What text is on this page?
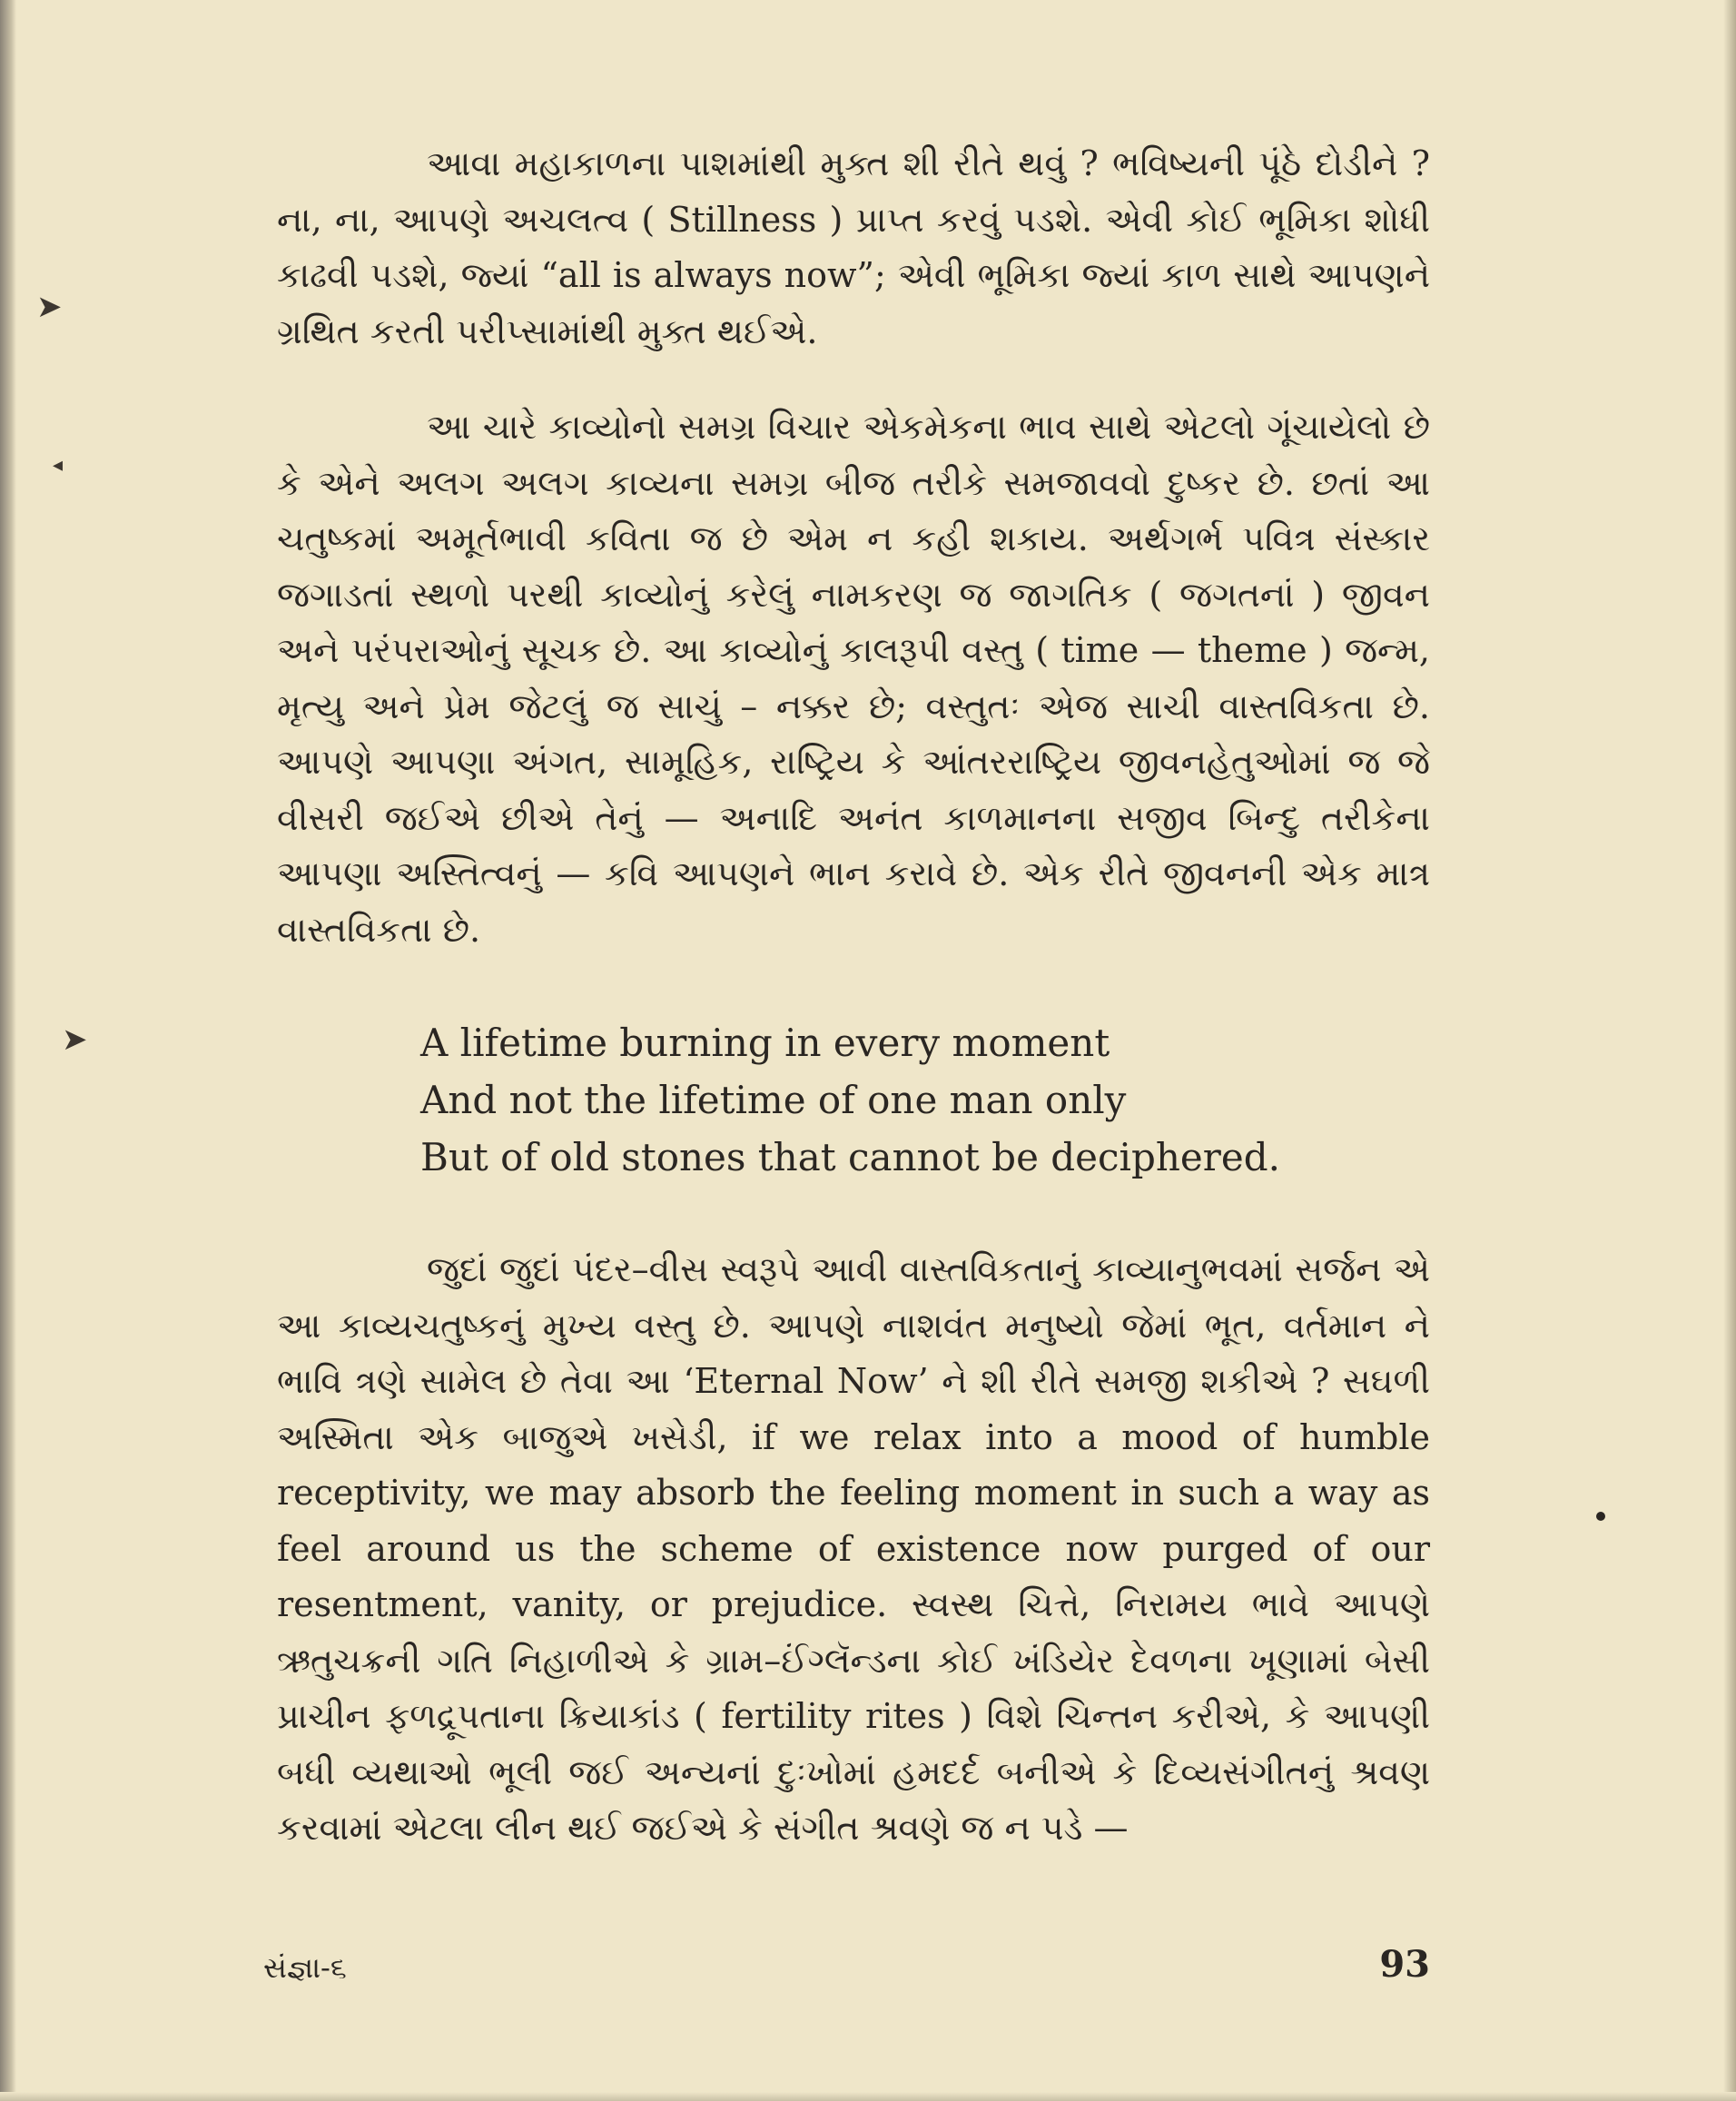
➤
◂
➤

આવા મહાકાળના પાશમાંથી મુક્ત શી રીતે થવું ? ભવિષ્યની પૂંઠે દોડીને ? ના, ના, આપણે અચલત્વ ( Stillness ) પ્રાપ્ત કરવું પડશે. એવી કોઈ ભૂમિકા શોધી કાઢવી પડશે, જ્યાં “all is always now”; એવી ભૂમિકા જ્યાં કાળ સાથે આપણને ગ્રથિત કરતી પરીપ્સામાંથી મુક્ત થઈએ.

આ ચારે કાવ્યોનો સમગ્ર વિચાર એકમેકના ભાવ સાથે એટલો ગૂંચાયેલો છે કે એને અલગ અલગ કાવ્યના સમગ્ર બીજ તરીકે સમજાવવો દુષ્કર છે. છતાં આ ચતુષ્કમાં અમૂર્તભાવી કવિતા જ છે એમ ન કહી શકાય. અર્થગર્ભ પવિત્ર સંસ્કાર જગાડતાં સ્થળો પરથી કાવ્યોનું કરેલું નામકરણ જ જાગતિક ( જગતનાં ) જીવન અને પરંપરાઓનું સૂચક છે. આ કાવ્યોનું કાલરૂપી વસ્તુ ( time — theme ) જન્મ, મૃત્યુ અને પ્રેમ જેટલું જ સાચું – નક્કર છે; વસ્તુતઃ એજ સાચી વાસ્તવિકતા છે. આપણે આપણા અંગત, સામૂહિક, રાષ્ટ્રિય કે આંતરરાષ્ટ્રિય જીવનહેતુઓમાં જ જે વીસરી જઈએ છીએ તેનું — અનાદિ અનંત કાળમાનના સજીવ બિન્દુ તરીકેના આપણા અસ્તિત્વનું — કવિ આપણને ભાન કરાવે છે. એક રીતે જીવનની એક માત્ર વાસ્તવિકતા છે.

A lifetime burning in every moment
And not the lifetime of one man only
But of old stones that cannot be deciphered.

જુદાં જુદાં પંદર–વીસ સ્વરૂપે આવી વાસ્તવિકતાનું કાવ્યાનુભવમાં સર્જન એ આ કાવ્યચતુષ્કનું મુખ્ય વસ્તુ છે. આપણે નાશવંત મનુષ્યો જેમાં ભૂત, વર્તમાન ને ભાવિ ત્રણે સામેલ છે તેવા આ ‘Eternal Now’ ને શી રીતે સમજી શકીએ ? સઘળી અસ્મિતા એક બાજુએ ખસેડી, if we relax into a mood of humble receptivity, we may absorb the feeling moment in such a way as feel around us the scheme of existence now purged of our resentment, vanity, or prejudice. સ્વસ્થ ચિત્તે, નિરામય ભાવે આપણે ઋતુચક્રની ગતિ નિહાળીએ કે ગ્રામ–ઈંગ્લૅન્ડના કોઈ ખંડિયેર દેવળના ખૂણામાં બેસી પ્રાચીન ફળદ્રૂપતાના ક્રિયાકાંડ ( fertility rites ) વિશે ચિન્તન કરીએ, કે આપણી બધી વ્યથાઓ ભૂલી જઈ અન્યનાં દુઃખોમાં હમદર્દ બનીએ કે દિવ્યસંગીતનું શ્રવણ કરવામાં એટલા લીન થઈ જઈએ કે સંગીત શ્રવણે જ ન પડે —

સંજ્ઞા-૬	93
